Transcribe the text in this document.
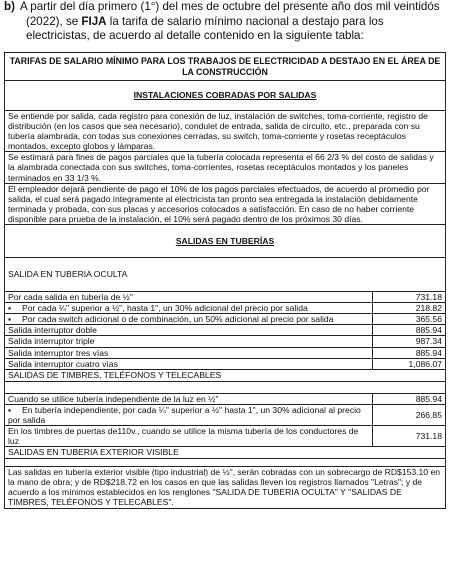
b) A partir del día primero (1°) del mes de octubre del presente año dos mil veintidós (2022), se FIJA la tarifa de salario mínimo nacional a destajo para los electricistas, de acuerdo al detalle contenido en la siguiente tabla:

TARIFAS DE SALARIO MÍNIMO PARA LOS TRABAJOS DE ELECTRICIDAD A DESTAJO EN EL ÁREA DE LA CONSTRUCCIÓN	
INSTALACIONES COBRADAS POR SALIDAS	
Se entiende por salida, cada registro para conexión de luz, instalación de switches, toma-corriente, registro de distribución (en los casos que sea necesario), condulet de entrada, salida de circuito, etc., preparada con su tubería alambrada, con todas sus conexiones cerradas, su switch, toma-corriente y rosetas receptáculos montados, excepto globos y lámparas.	
Se estimará para fines de pagos parciales que la tubería colocada representa el 66 2/3 % del costo de salidas y la alambrada conectada con sus switches, toma-corrientes, rosetas receptáculos montados y los paneles terminados en 33 1/3 %.	
El empleador dejará pendiente de pago el 10% de los pagos parciales efectuados, de acuerdo al promedio por salida, el cual será pagado íntegramente al electricista tan pronto sea entregada la instalación debidamente terminada y probada, con sus placas y accesorios colocados a satisfacción. En caso de no haber corriente disponible para prueba de la instalación, el 10% será pagado dentro de los próximos 30 días.	
SALIDAS EN TUBERÍAS	
SALIDA EN TUBERIA OCULTA	
Por cada salida en tubería de ½"	731.18
▪ Por cada ¼" superior a ½", hasta 1", un 30% adicional del precio por salida	218.82
▪ Por cada switch adicional o de combinación, un 50% adicional al precio por salida	365.56
Salida interruptor doble	885.94
Salida interruptor triple	987.34
Salida interruptor tres vías	885.94
Salida interruptor cuatro vías	1,086.07
SALIDAS DE TIMBRES, TELÉFONOS Y TELECABLES	

Cuando se utilice tubería independiente de la luz en ½"	885.94
▪ En tubería independiente, por cada ¼" superior a ½" hasta 1", un 30% adicional al precio por salida	266.85
En los timbres de puertas de110v., cuando se utilice la misma tubería de los conductores de luz	731.18
SALIDAS EN TUBERIA EXTERIOR VISIBLE	

Las salidas en tubería exterior visible (tipo industrial) de ½", serán cobradas con un sobrecargo de RD$153.10 en la mano de obra; y de RD$218.72 en los casos en que las salidas lleven los registros llamados "Letras"; y de acuerdo a los mínimos establecidos en los renglones "SALIDA DE TUBERIA OCULTA" Y "SALIDAS DE TIMBRES, TELÉFONOS Y TELECABLES".	
